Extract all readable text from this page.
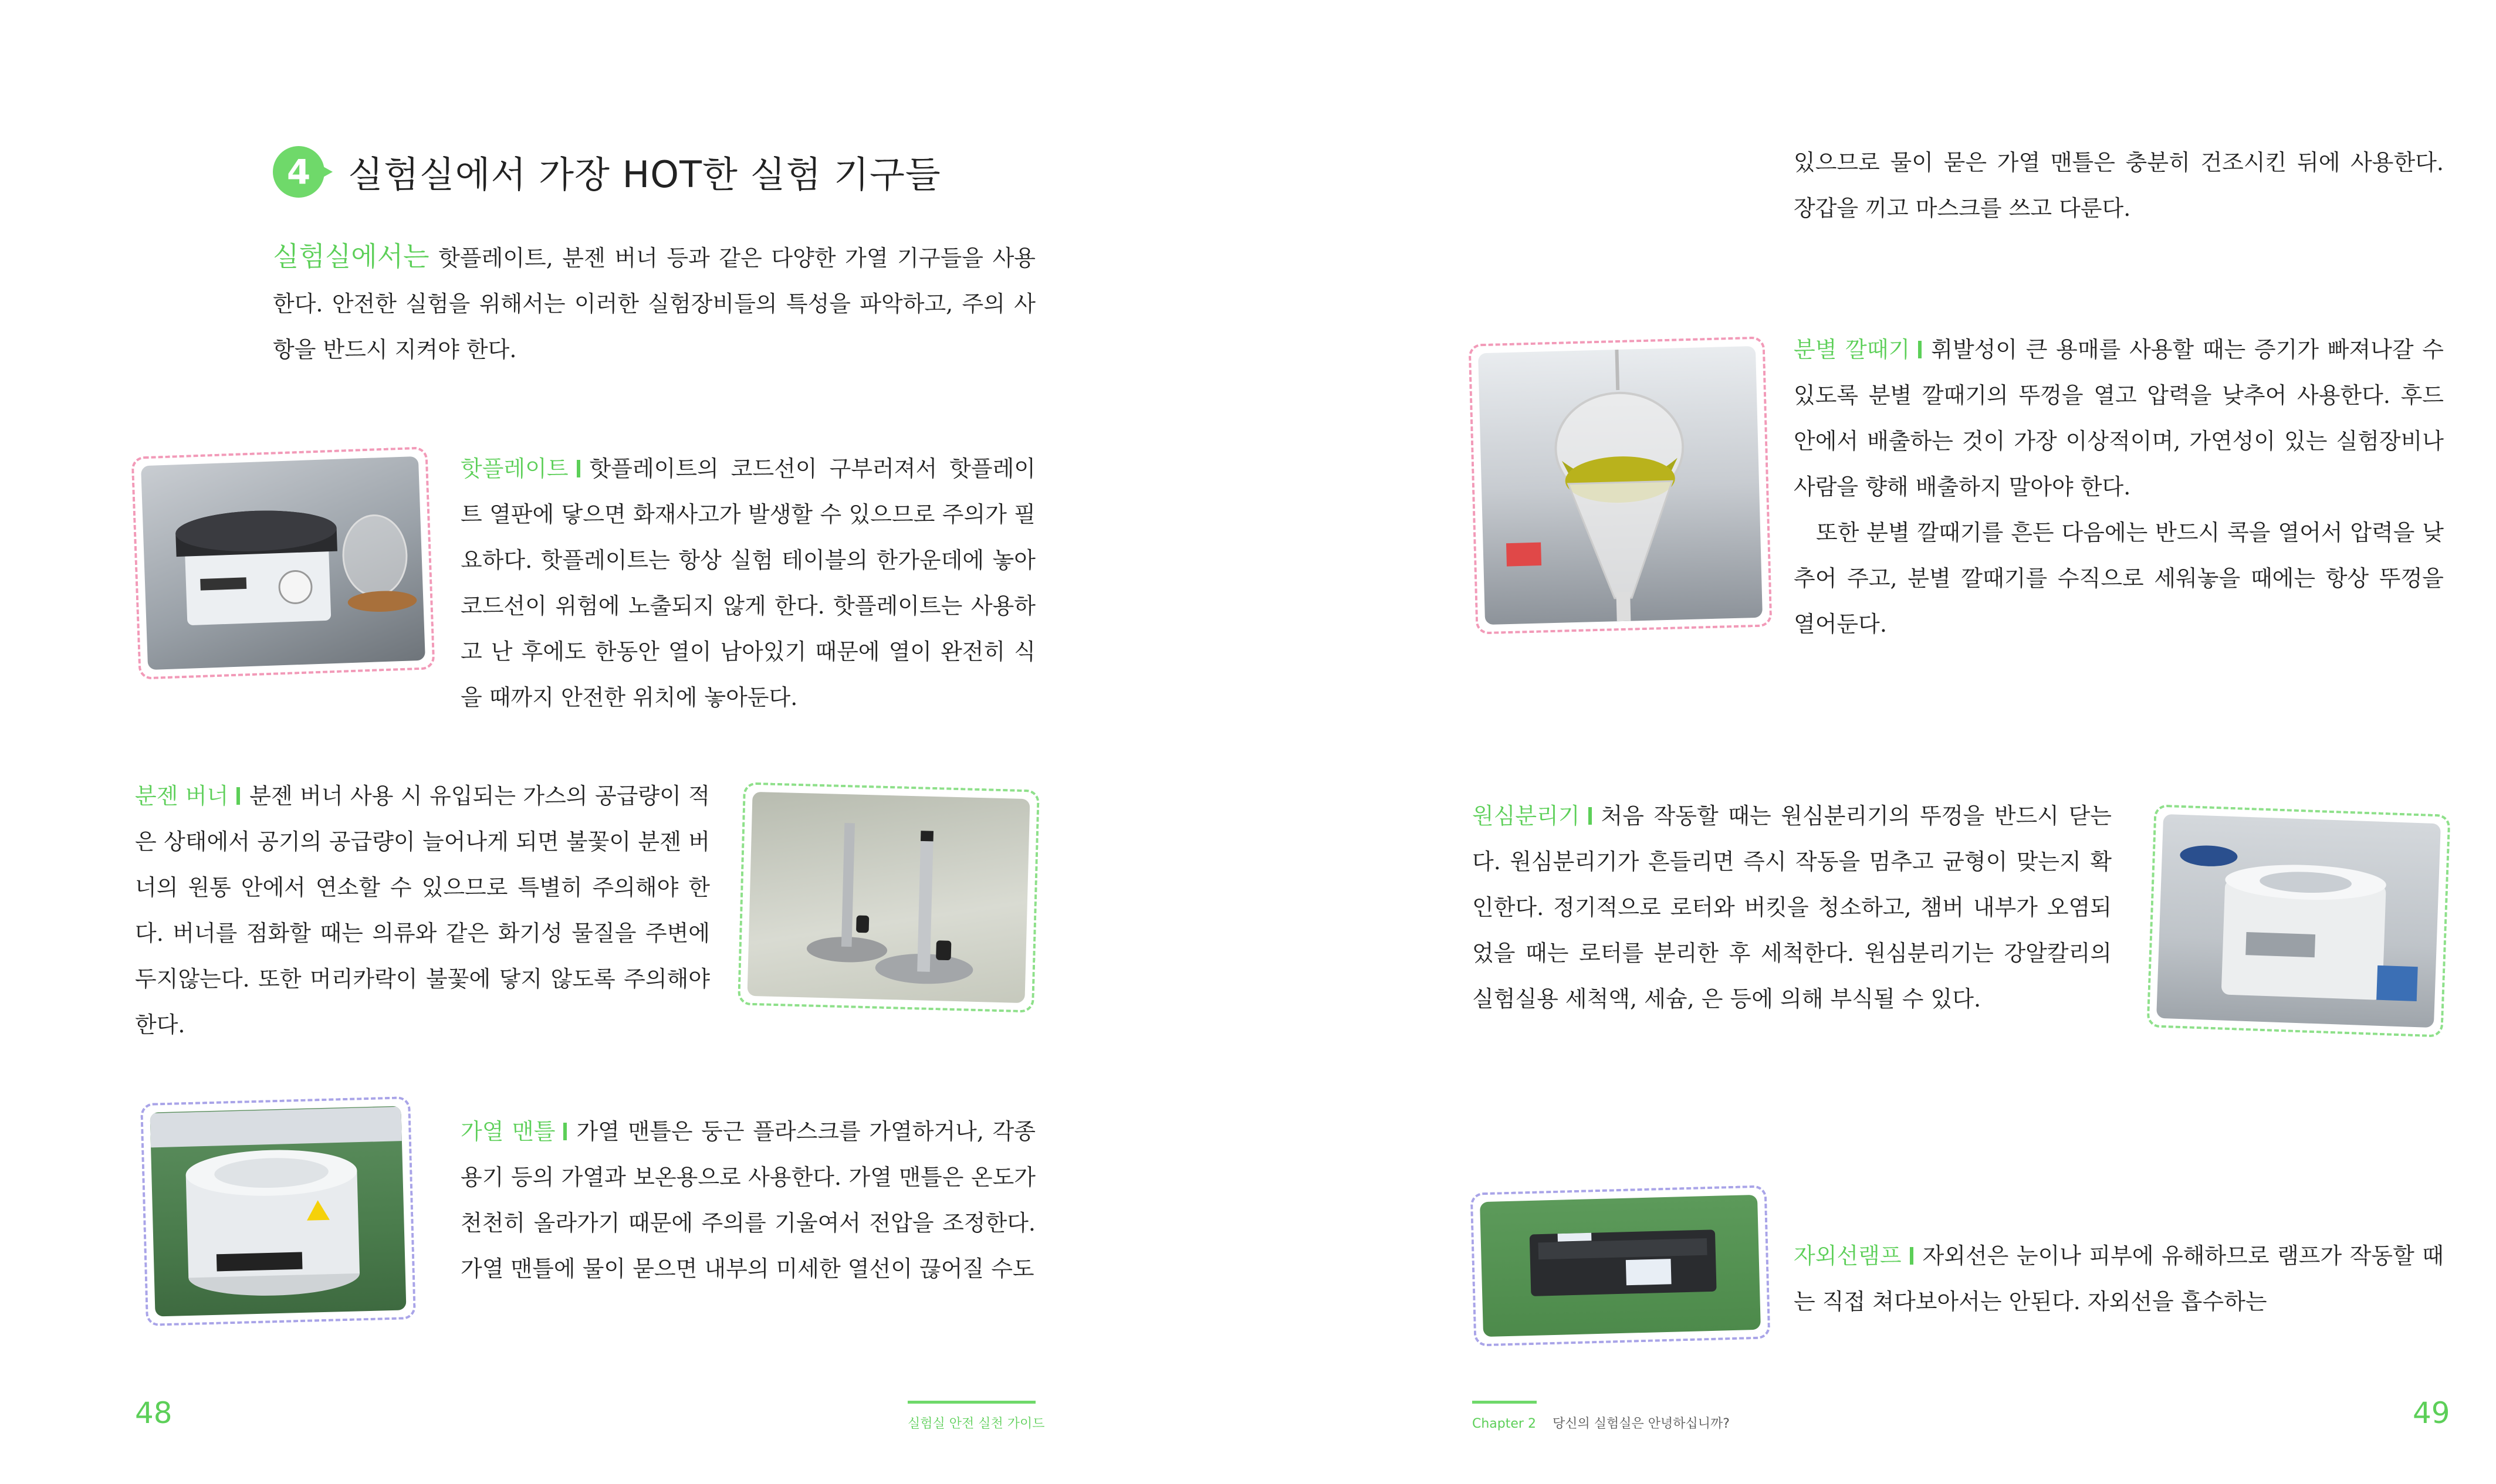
4	실험실에서 가장 HOT한 실험 기구들
실험실에서는 핫플레이트, 분젠 버너 등과 같은 다양한 가열 기구들을 사용한다. 안전한 실험을 위해서는 이러한 실험장비들의 특성을 파악하고, 주의 사항을 반드시 지켜야 한다.
핫플레이트 핫플레이트의 코드선이 구부러져서 핫플레이트 열판에 닿으면 화재사고가 발생할 수 있으므로 주의가 필요하다. 핫플레이트는 항상 실험 테이블의 한가운데에 놓아 코드선이 위험에 노출되지 않게 한다. 핫플레이트는 사용하고 난 후에도 한동안 열이 남아있기 때문에 열이 완전히 식을 때까지 안전한 위치에 놓아둔다.
분젠 버너 분젠 버너 사용 시 유입되는 가스의 공급량이 적은 상태에서 공기의 공급량이 늘어나게 되면 불꽃이 분젠 버너의 원통 안에서 연소할 수 있으므로 특별히 주의해야 한다. 버너를 점화할 때는 의류와 같은 화기성 물질을 주변에 두지않는다. 또한 머리카락이 불꽃에 닿지 않도록 주의해야 한다.
가열 맨틀 가열 맨틀은 둥근 플라스크를 가열하거나, 각종 용기 등의 가열과 보온용으로 사용한다. 가열 맨틀은 온도가 천천히 올라가기 때문에 주의를 기울여서 전압을 조정한다. 가열 맨틀에 물이 묻으면 내부의 미세한 열선이 끊어질 수도
48	실험실 안전 실천 가이드
있으므로 물이 묻은 가열 맨틀은 충분히 건조시킨 뒤에 사용한다. 장갑을 끼고 마스크를 쓰고 다룬다.
분별 깔때기 휘발성이 큰 용매를 사용할 때는 증기가 빠져나갈 수 있도록 분별 깔때기의 뚜껑을 열고 압력을 낮추어 사용한다. 후드 안에서 배출하는 것이 가장 이상적이며, 가연성이 있는 실험장비나 사람을 향해 배출하지 말아야 한다.
또한 분별 깔때기를 흔든 다음에는 반드시 콕을 열어서 압력을 낮추어 주고, 분별 깔때기를 수직으로 세워놓을 때에는 항상 뚜껑을 열어둔다.
원심분리기 처음 작동할 때는 원심분리기의 뚜껑을 반드시 닫는다. 원심분리기가 흔들리면 즉시 작동을 멈추고 균형이 맞는지 확인한다. 정기적으로 로터와 버킷을 청소하고, 챔버 내부가 오염되었을 때는 로터를 분리한 후 세척한다. 원심분리기는 강알칼리의 실험실용 세척액, 세슘, 은 등에 의해 부식될 수 있다.
자외선램프 자외선은 눈이나 피부에 유해하므로 램프가 작동할 때는 직접 쳐다보아서는 안된다. 자외선을 흡수하는
Chapter 2 당신의 실험실은 안녕하십니까?	49
